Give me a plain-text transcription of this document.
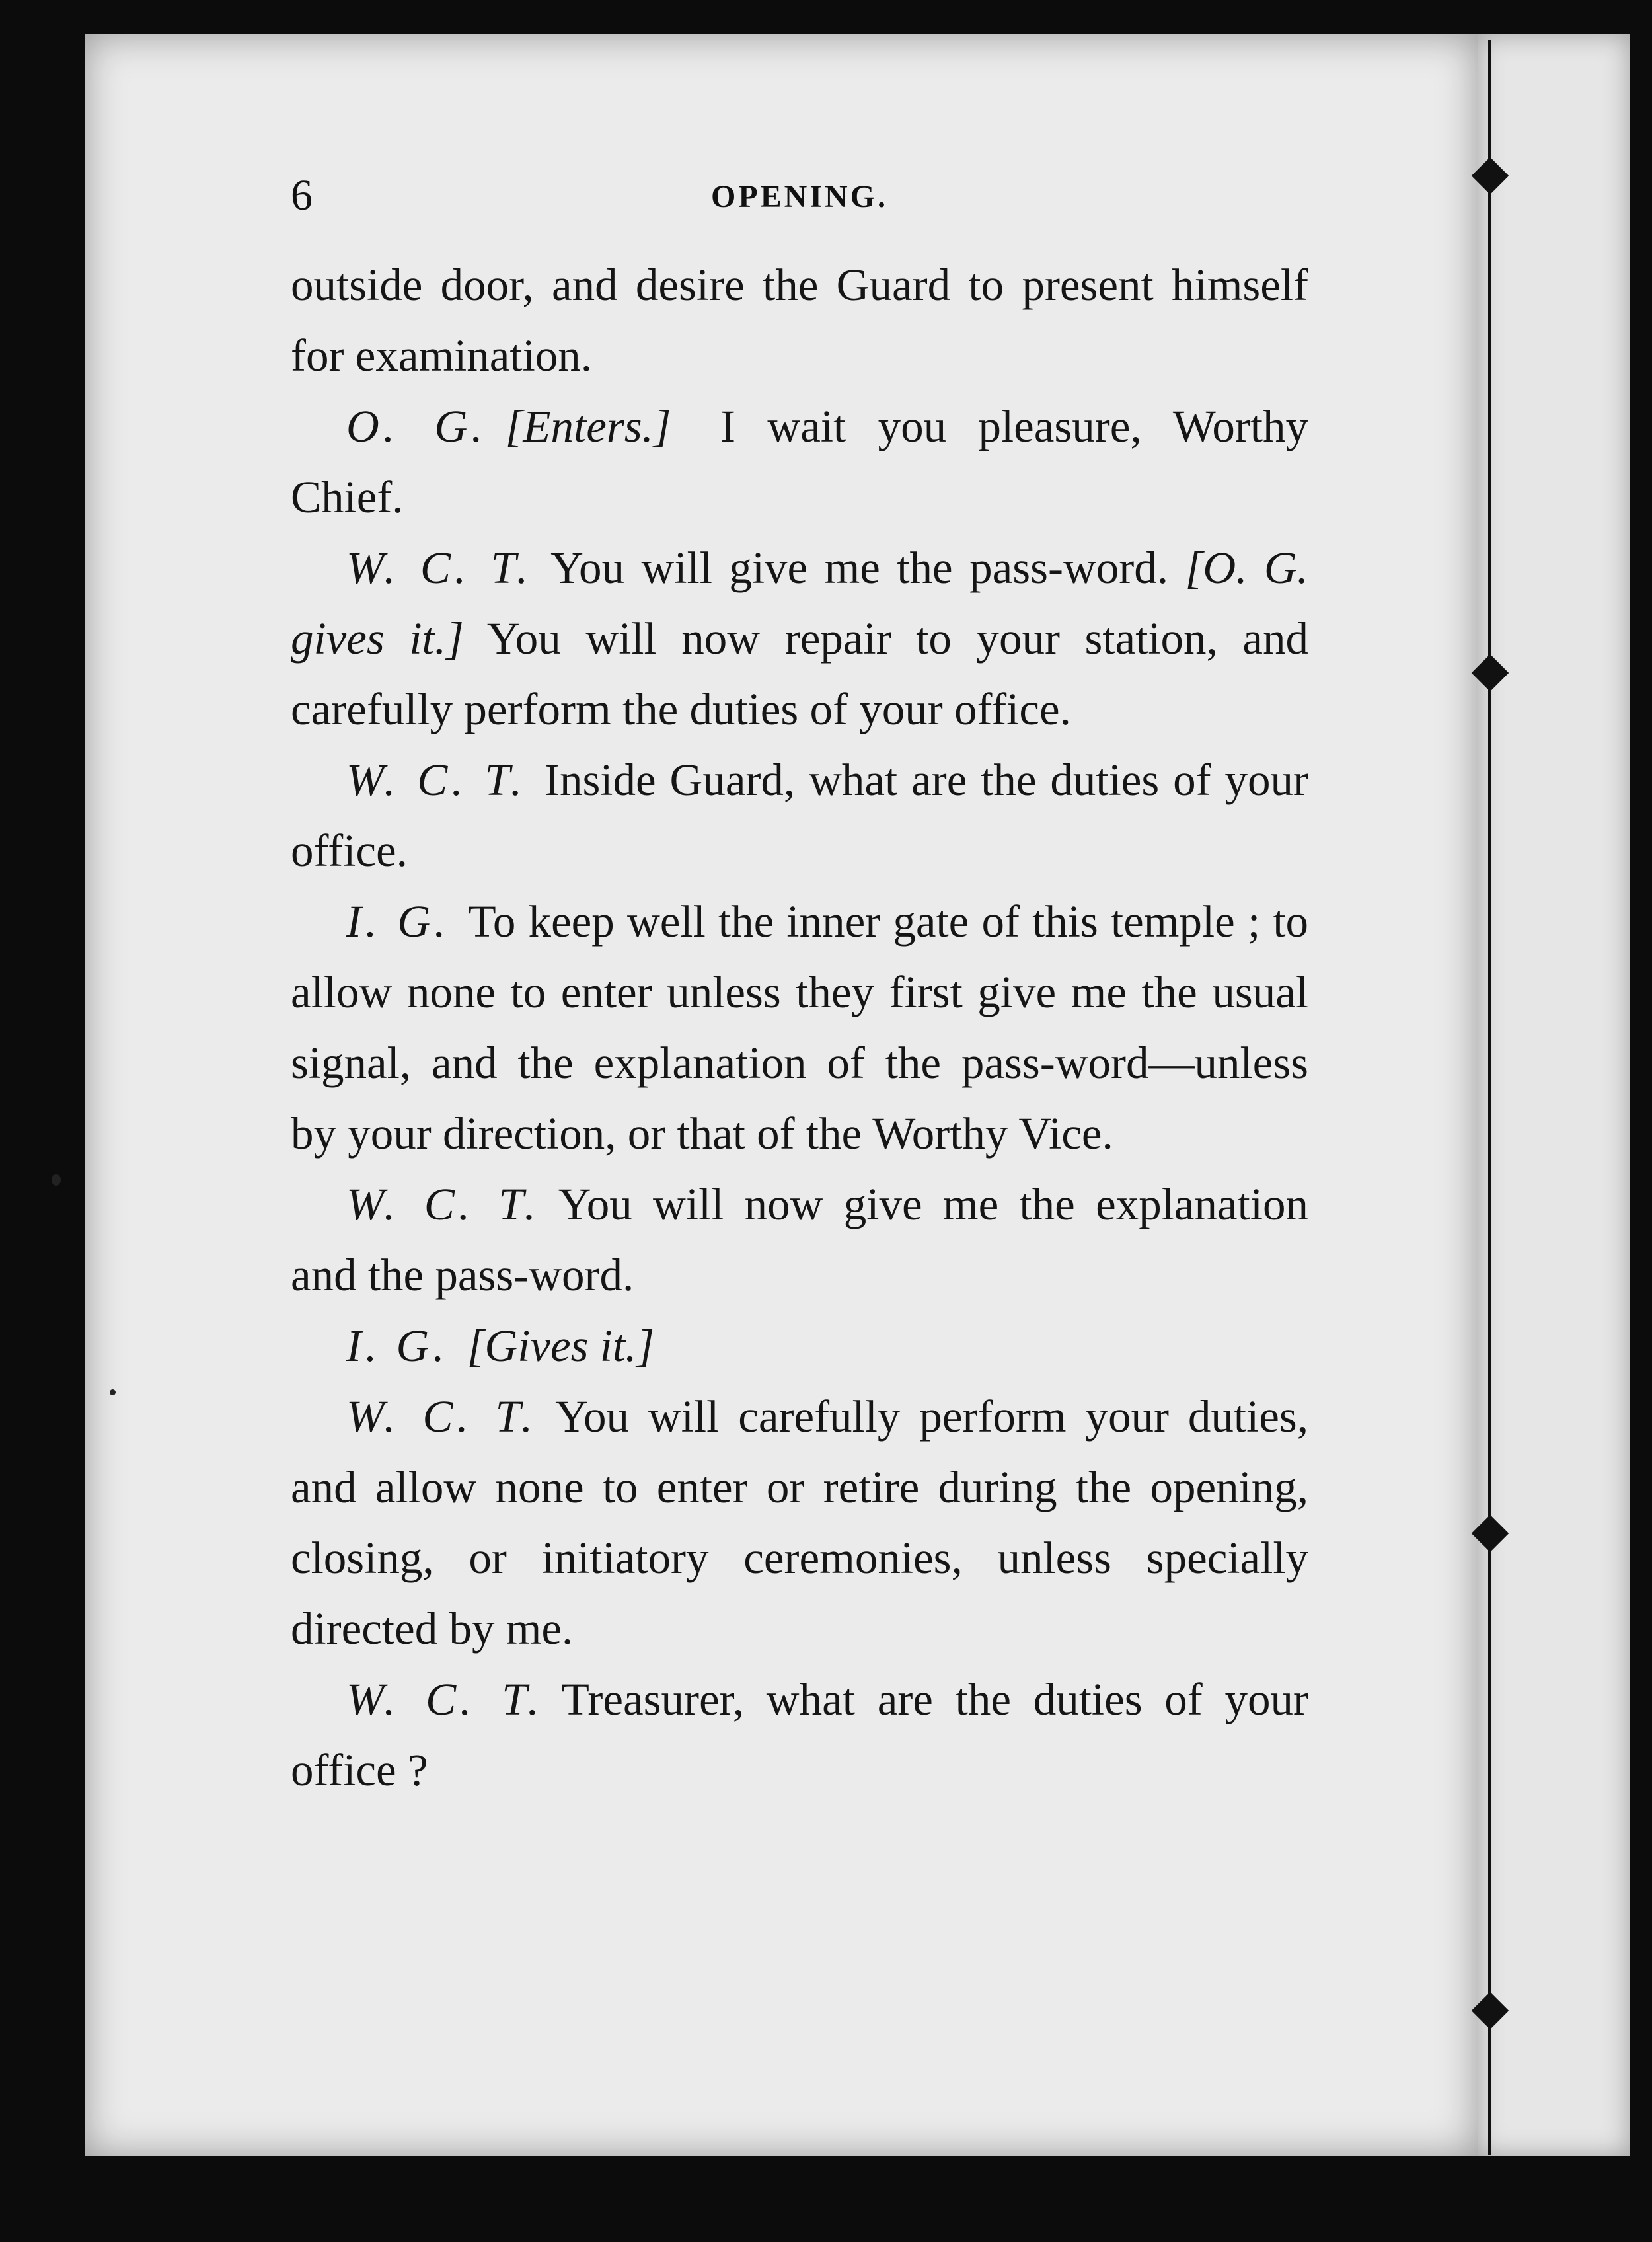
6	OPENING.

outside door, and desire the Guard to present himself for examination.

O. G. [Enters.] I wait you pleasure, Worthy Chief.

W. C. T. You will give me the pass-word. [O. G. gives it.] You will now repair to your station, and carefully perform the duties of your office.

W. C. T. Inside Guard, what are the duties of your office.

I. G. To keep well the inner gate of this temple ; to allow none to enter unless they first give me the usual signal, and the explanation of the pass-word—unless by your direction, or that of the Worthy Vice.

W. C. T. You will now give me the explanation and the pass-word.

I. G. [Gives it.]

W. C. T. You will carefully perform your duties, and allow none to enter or retire during the opening, closing, or initiatory ceremonies, unless specially directed by me.

W. C. T. Treasurer, what are the duties of your office ?
